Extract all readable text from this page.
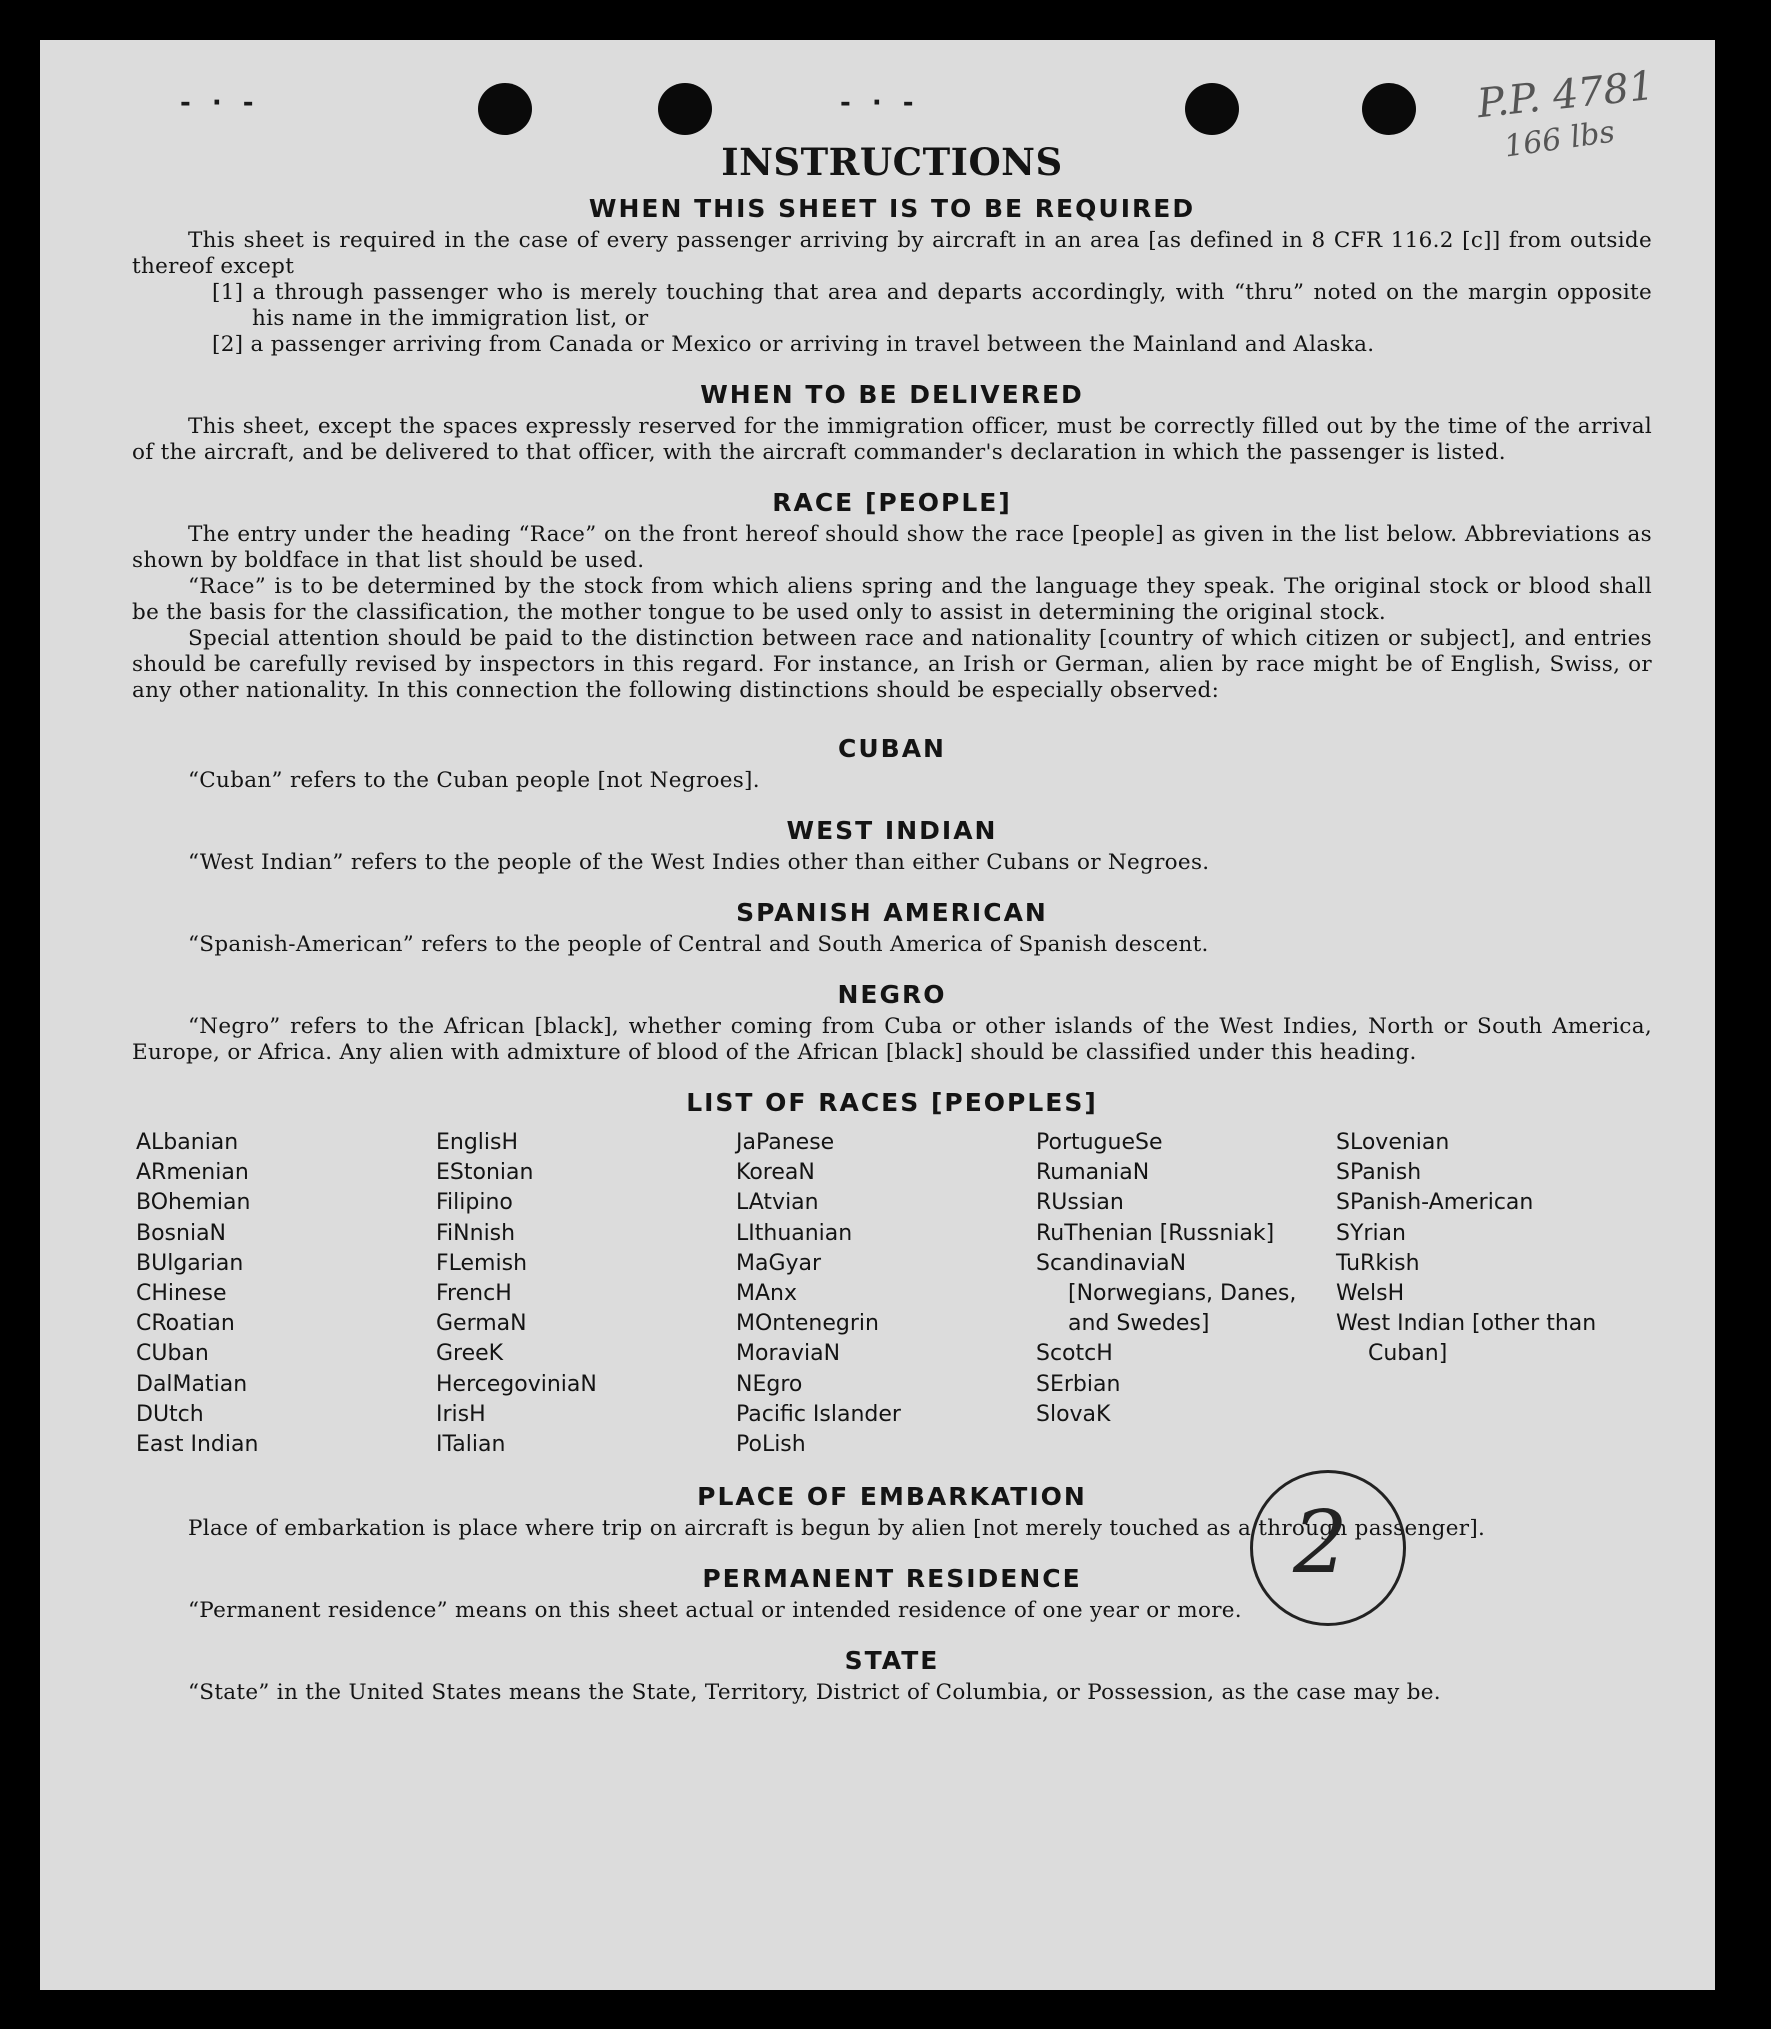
- · -	- · -	P.P. 4781
166 lbs
INSTRUCTIONS
WHEN THIS SHEET IS TO BE REQUIRED

This sheet is required in the case of every passenger arriving by aircraft in an area [as defined in 8 CFR 116.2 [c]] from outside thereof except

[1] a through passenger who is merely touching that area and departs accordingly, with “thru” noted on the margin opposite his name in the immigration list, or

[2] a passenger arriving from Canada or Mexico or arriving in travel between the Mainland and Alaska.

WHEN TO BE DELIVERED

This sheet, except the spaces expressly reserved for the immigration officer, must be correctly filled out by the time of the arrival of the aircraft, and be delivered to that officer, with the aircraft commander's declaration in which the passenger is listed.

RACE [PEOPLE]

The entry under the heading “Race” on the front hereof should show the race [people] as given in the list below. Abbreviations as shown by boldface in that list should be used.

“Race” is to be determined by the stock from which aliens spring and the language they speak. The original stock or blood shall be the basis for the classification, the mother tongue to be used only to assist in determining the original stock.

Special attention should be paid to the distinction between race and nationality [country of which citizen or subject], and entries should be carefully revised by inspectors in this regard. For instance, an Irish or German, alien by race might be of English, Swiss, or any other nationality. In this connection the following distinctions should be especially observed:

CUBAN

“Cuban” refers to the Cuban people [not Negroes].

WEST INDIAN

“West Indian” refers to the people of the West Indies other than either Cubans or Negroes.

SPANISH AMERICAN

“Spanish-American” refers to the people of Central and South America of Spanish descent.

NEGRO

“Negro” refers to the African [black], whether coming from Cuba or other islands of the West Indies, North or South America, Europe, or Africa. Any alien with admixture of blood of the African [black] should be classified under this heading.

LIST OF RACES [PEOPLES]
ALbanian
ARmenian
BOhemian
BosniaN
BUlgarian
CHinese
CRoatian
CUban
DalMatian
DUtch
East Indian
EnglisH
EStonian
Filipino
FiNnish
FLemish
FrencH
GermaN
GreeK
HercegoviniaN
IrisH
ITalian
JaPanese
KoreaN
LAtvian
LIthuanian
MaGyar
MAnx
MOntenegrin
MoraviaN
NEgro
Pacific Islander
PoLish
PortugueSe
RumaniaN
RUssian
RuThenian [Russniak]
ScandinaviaN [Norwegians, Danes, and Swedes]
ScotcH
SErbian
SlovaK
SLovenian
SPanish
SPanish-American
SYrian
TuRkish
WelsH
West Indian [other than Cuban]
PLACE OF EMBARKATION

Place of embarkation is place where trip on aircraft is begun by alien [not merely touched as a through passenger].

PERMANENT RESIDENCE

“Permanent residence” means on this sheet actual or intended residence of one year or more.

STATE

“State” in the United States means the State, Territory, District of Columbia, or Possession, as the case may be.

2
